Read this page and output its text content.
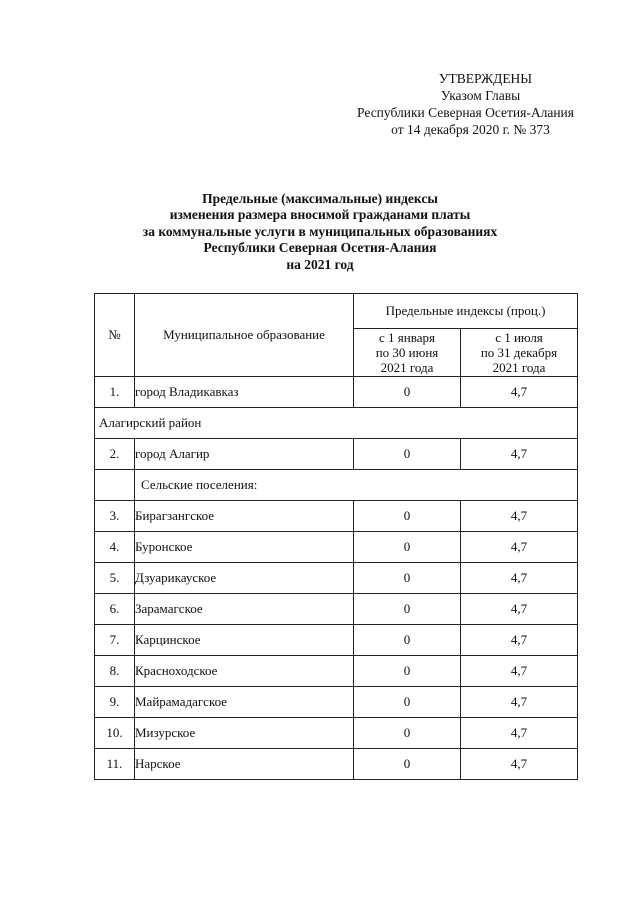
УТВЕРЖДЕНЫ
Указом Главы
Республики Северная Осетия-Алания
от 14 декабря 2020 г. № 373
Предельные (максимальные) индексы
изменения размера вносимой гражданами платы
за коммунальные услуги в муниципальных образованиях
Республики Северная Осетия-Алания
на 2021 год
№	Муниципальное образование	Предельные индексы (проц.)	

		с 1 января
по 30 июня
2021 года	с 1 июля
по 31 декабря
2021 года

1.	город Владикавказ	0	4,7
Алагирский район			
2.	город Алагир	0	4,7
	Сельские поселения:		
3.	Бирагзангское	0	4,7
4.	Буронское	0	4,7
5.	Дзуарикауское	0	4,7
6.	Зарамагское	0	4,7
7.	Карцинское	0	4,7
8.	Красноходское	0	4,7
9.	Майрамадагское	0	4,7
10.	Мизурское	0	4,7
11.	Нарское	0	4,7
